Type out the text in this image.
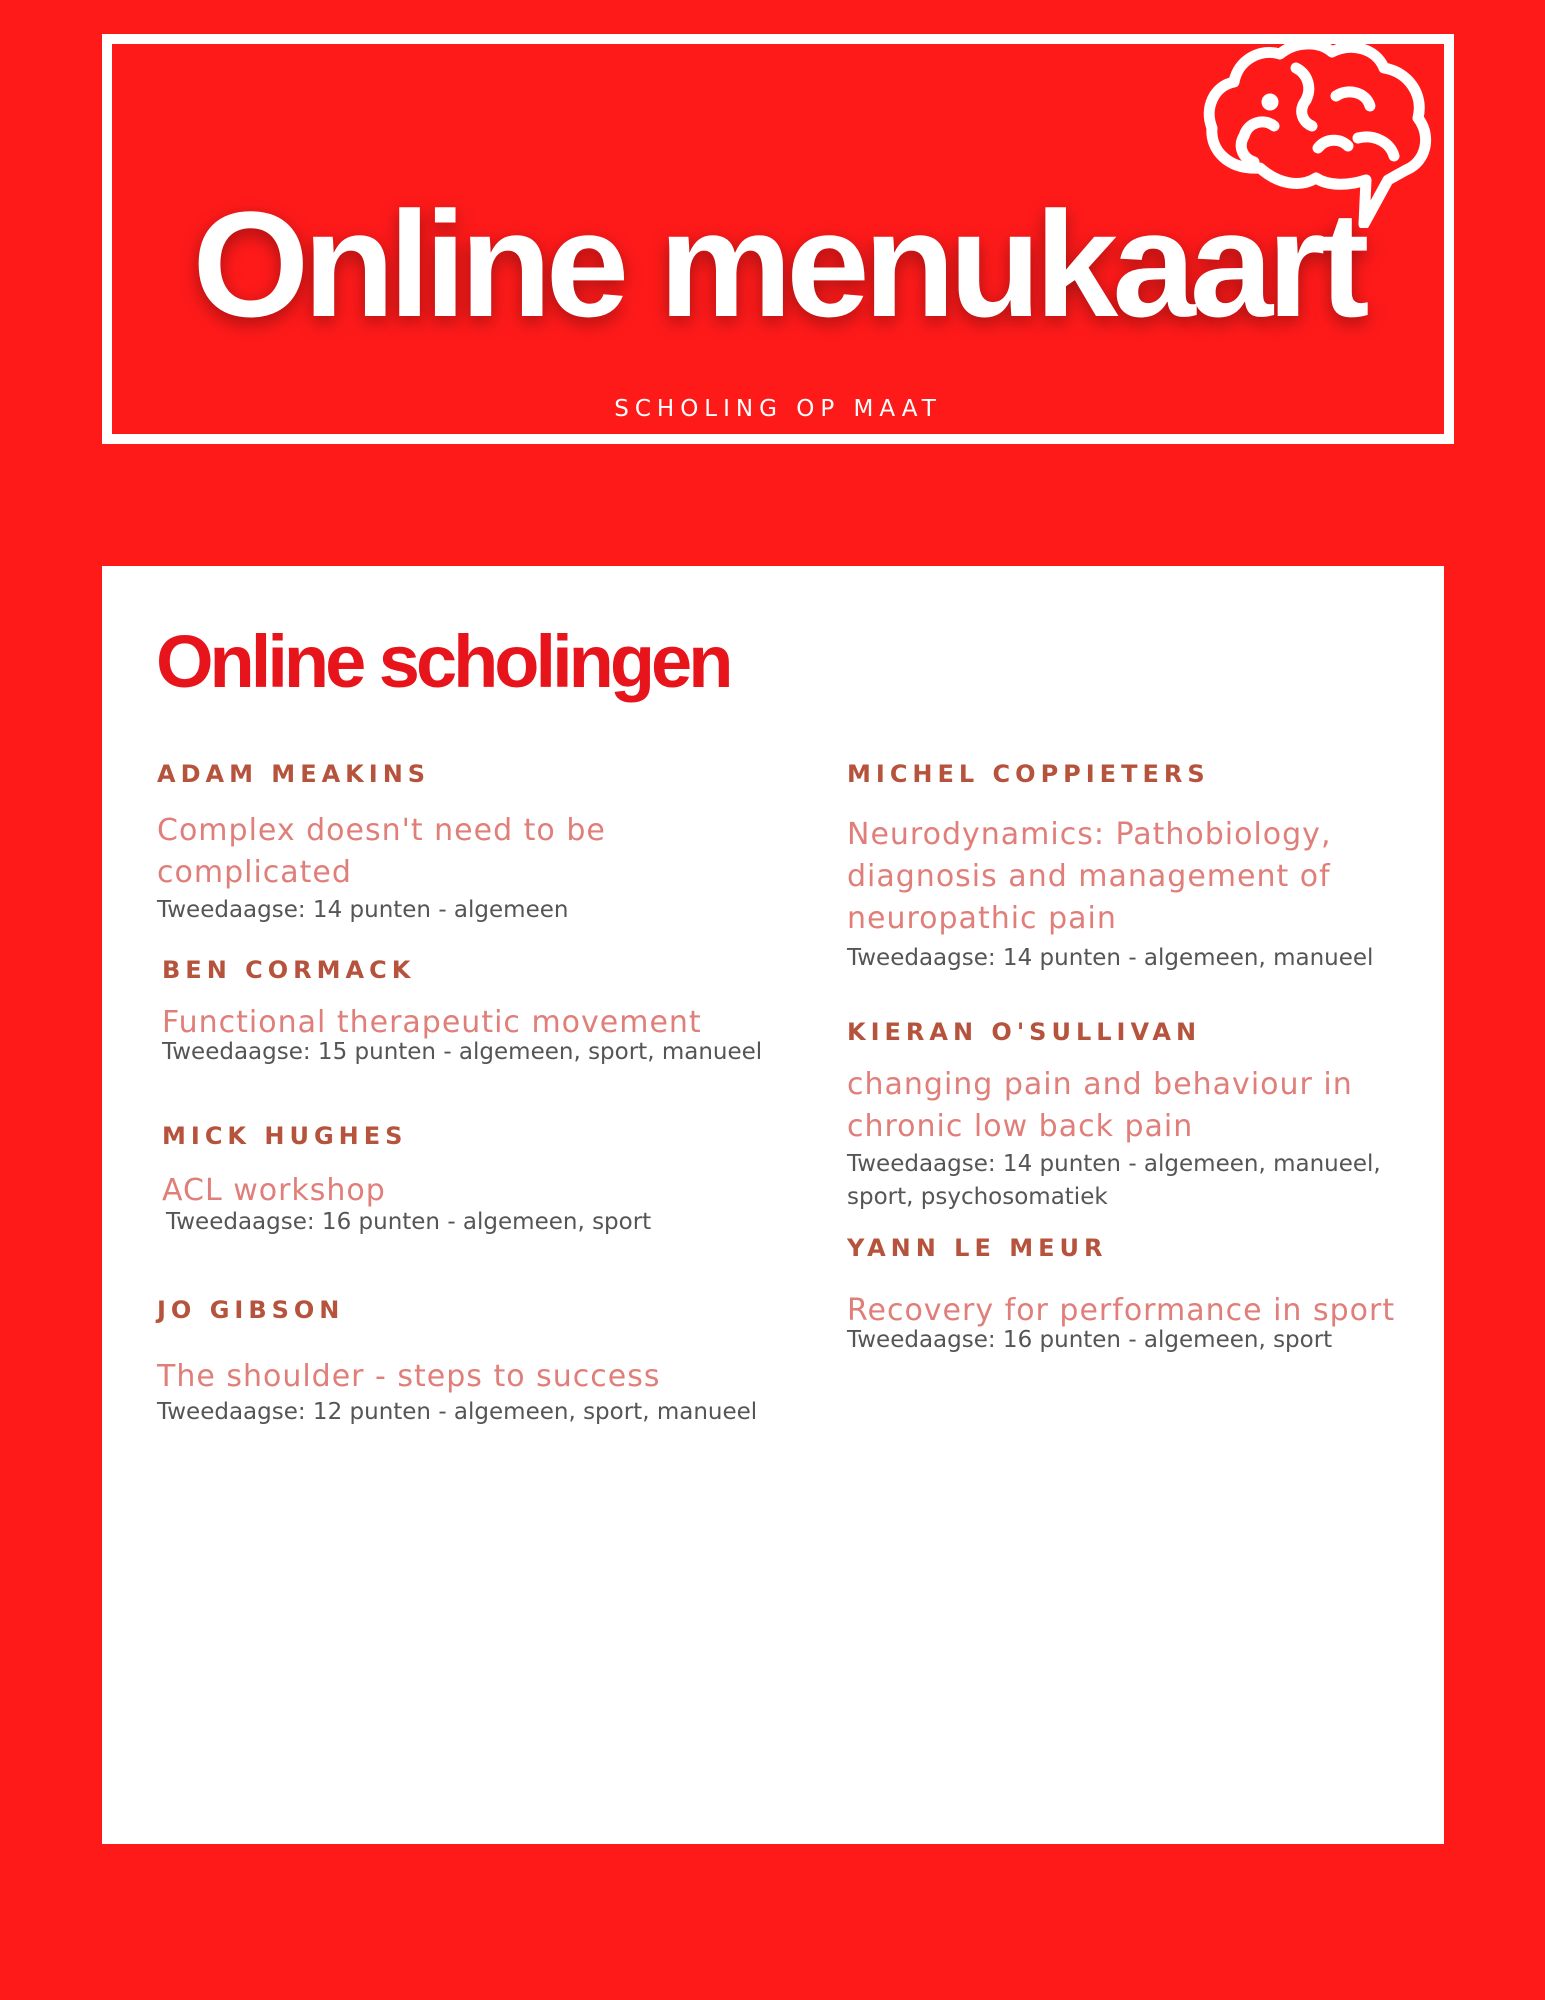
Online menukaart
SCHOLING OP MAAT
Online scholingen

ADAM MEAKINS

Complex doesn't need to be complicated

Tweedaagse: 14 punten - algemeen

BEN CORMACK

Functional therapeutic movement

Tweedaagse: 15 punten - algemeen, sport, manueel

MICK HUGHES

ACL workshop

Tweedaagse: 16 punten - algemeen, sport

JO GIBSON

The shoulder - steps to success

Tweedaagse: 12 punten - algemeen, sport, manueel

MICHEL COPPIETERS

Neurodynamics: Pathobiology, diagnosis and management of neuropathic pain

Tweedaagse: 14 punten - algemeen, manueel

KIERAN O'SULLIVAN

changing pain and behaviour in chronic low back pain

Tweedaagse: 14 punten - algemeen, manueel, sport, psychosomatiek

YANN LE MEUR

Recovery for performance in sport

Tweedaagse: 16 punten - algemeen, sport
